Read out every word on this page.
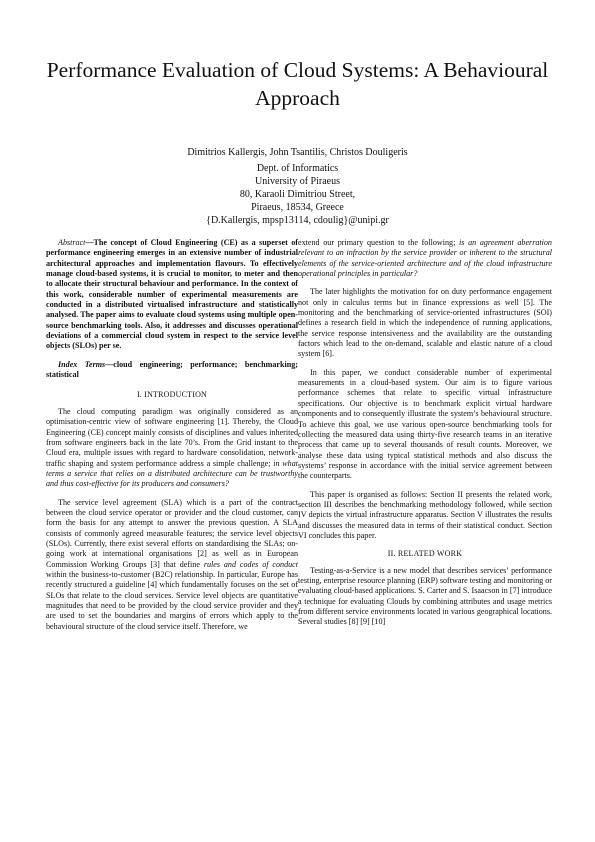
Performance Evaluation of Cloud Systems: A Behavioural Approach
Dimitrios Kallergis, John Tsantilis, Christos Douligeris
Dept. of Informatics
University of Piraeus
80, Karaoli Dimitriou Street,
Piraeus, 18534, Greece
{D.Kallergis, mpsp13114, cdoulig}@unipi.gr

Abstract—The concept of Cloud Engineering (CE) as a superset of performance engineering emerges in an extensive number of industrial architectural approaches and implementation flavours. To effectively manage cloud-based systems, it is crucial to monitor, to meter and then to allocate their structural behaviour and performance. In the context of this work, considerable number of experimental measurements are conducted in a distributed virtualised infrastructure and statistically analysed. The paper aims to evaluate cloud systems using multiple open-source benchmarking tools. Also, it addresses and discusses operational deviations of a commercial cloud system in respect to the service level objects (SLOs) per se.

Index Terms—cloud engineering; performance; benchmarking; statistical

I. INTRODUCTION

The cloud computing paradigm was originally considered as an optimisation-centric view of software engineering [1]. Thereby, the Cloud Engineering (CE) concept mainly consists of disciplines and values inherited from software engineers back in the late 70’s. From the Grid instant to the Cloud era, multiple issues with regard to hardware consolidation, network-traffic shaping and system performance address a simple challenge; in what terms a service that relies on a distributed architecture can be trustworthy and thus cost-effective for its producers and consumers?

The service level agreement (SLA) which is a part of the contract between the cloud service operator or provider and the cloud customer, can form the basis for any attempt to answer the previous question. A SLA consists of commonly agreed measurable features; the service level objects (SLOs). Currently, there exist several efforts on standardising the SLAs; on-going work at international organisations [2] as well as in European Commission Working Groups [3] that define rules and codes of conduct within the business-to-customer (B2C) relationship. In particular, Europe has recently structured a guideline [4] which fundamentally focuses on the set of SLOs that relate to the cloud services. Service level objects are quantitative magnitudes that need to be provided by the cloud service provider and they are used to set the boundaries and margins of errors which apply to the behavioural structure of the cloud service itself. Therefore, we

extend our primary question to the following; is an agreement aberration relevant to an infraction by the service provider or inherent to the structural elements of the service-oriented architecture and of the cloud infrastructure operational principles in particular?

The later highlights the motivation for on duty performance engagement not only in calculus terms but in finance expressions as well [5]. The monitoring and the benchmarking of service-oriented infrastructures (SOI) defines a research field in which the independence of running applications, the service response intensiveness and the availability are the outstanding factors which lead to the on-demand, scalable and elastic nature of a cloud system [6].

In this paper, we conduct considerable number of experimental measurements in a cloud-based system. Our aim is to figure various performance schemes that relate to specific virtual infrastructure specifications. Our objective is to benchmark explicit virtual hardware components and to consequently illustrate the system’s behavioural structure. To achieve this goal, we use various open-source benchmarking tools for collecting the measured data using thirty-five research teams in an iterative process that came up to several thousands of result counts. Moreover, we analyse these data using typical statistical methods and also discuss the systems’ response in accordance with the initial service agreement between the counterparts.

This paper is organised as follows: Section II presents the related work, section III describes the benchmarking methodology followed, while section IV depicts the virtual infrastructure apparatus. Section V illustrates the results and discusses the measured data in terms of their statistical conduct. Section VI concludes this paper.

II. RELATED WORK

Testing-as-a-Service is a new model that describes services’ performance testing, enterprise resource planning (ERP) software testing and monitoring or evaluating cloud-based applications. S. Carter and S. Isaacson in [7] introduce a technique for evaluating Clouds by combining attributes and usage metrics from different service environments located in various geographical locations. Several studies [8] [9] [10]
